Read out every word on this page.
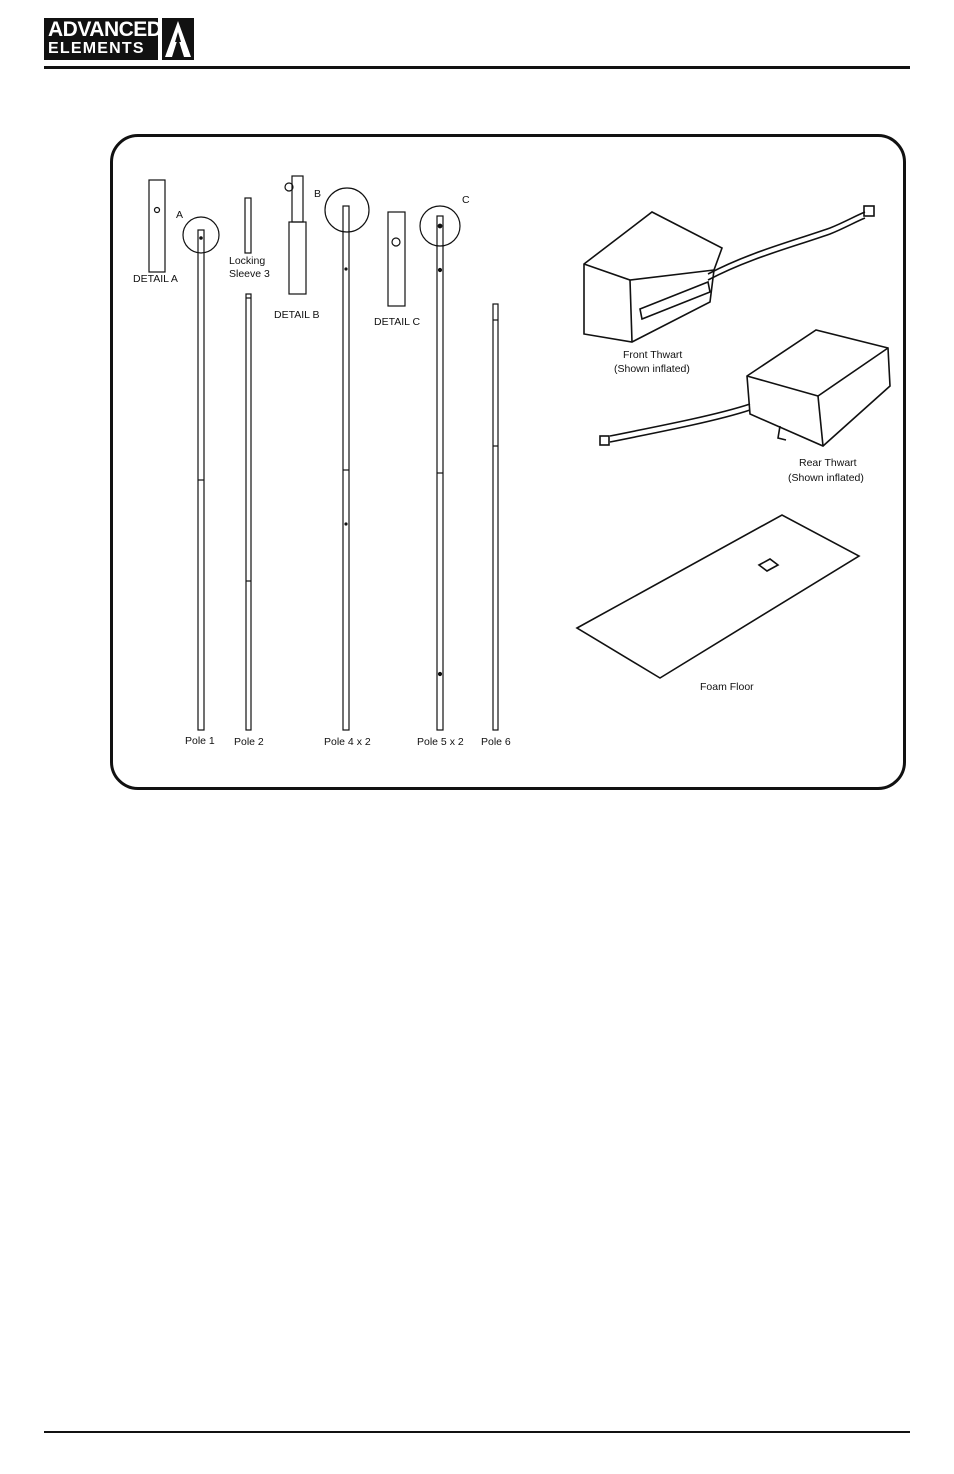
ADVANCED
ELEMENTS
DETAIL A
A
Locking
Sleeve 3
DETAIL B
B
DETAIL C
C
Pole 1 Pole 2	Pole 4 x 2	Pole 5 x 2 Pole 6
Front Thwart
(Shown inflated)
Rear Thwart
(Shown inflated)
Foam Floor
